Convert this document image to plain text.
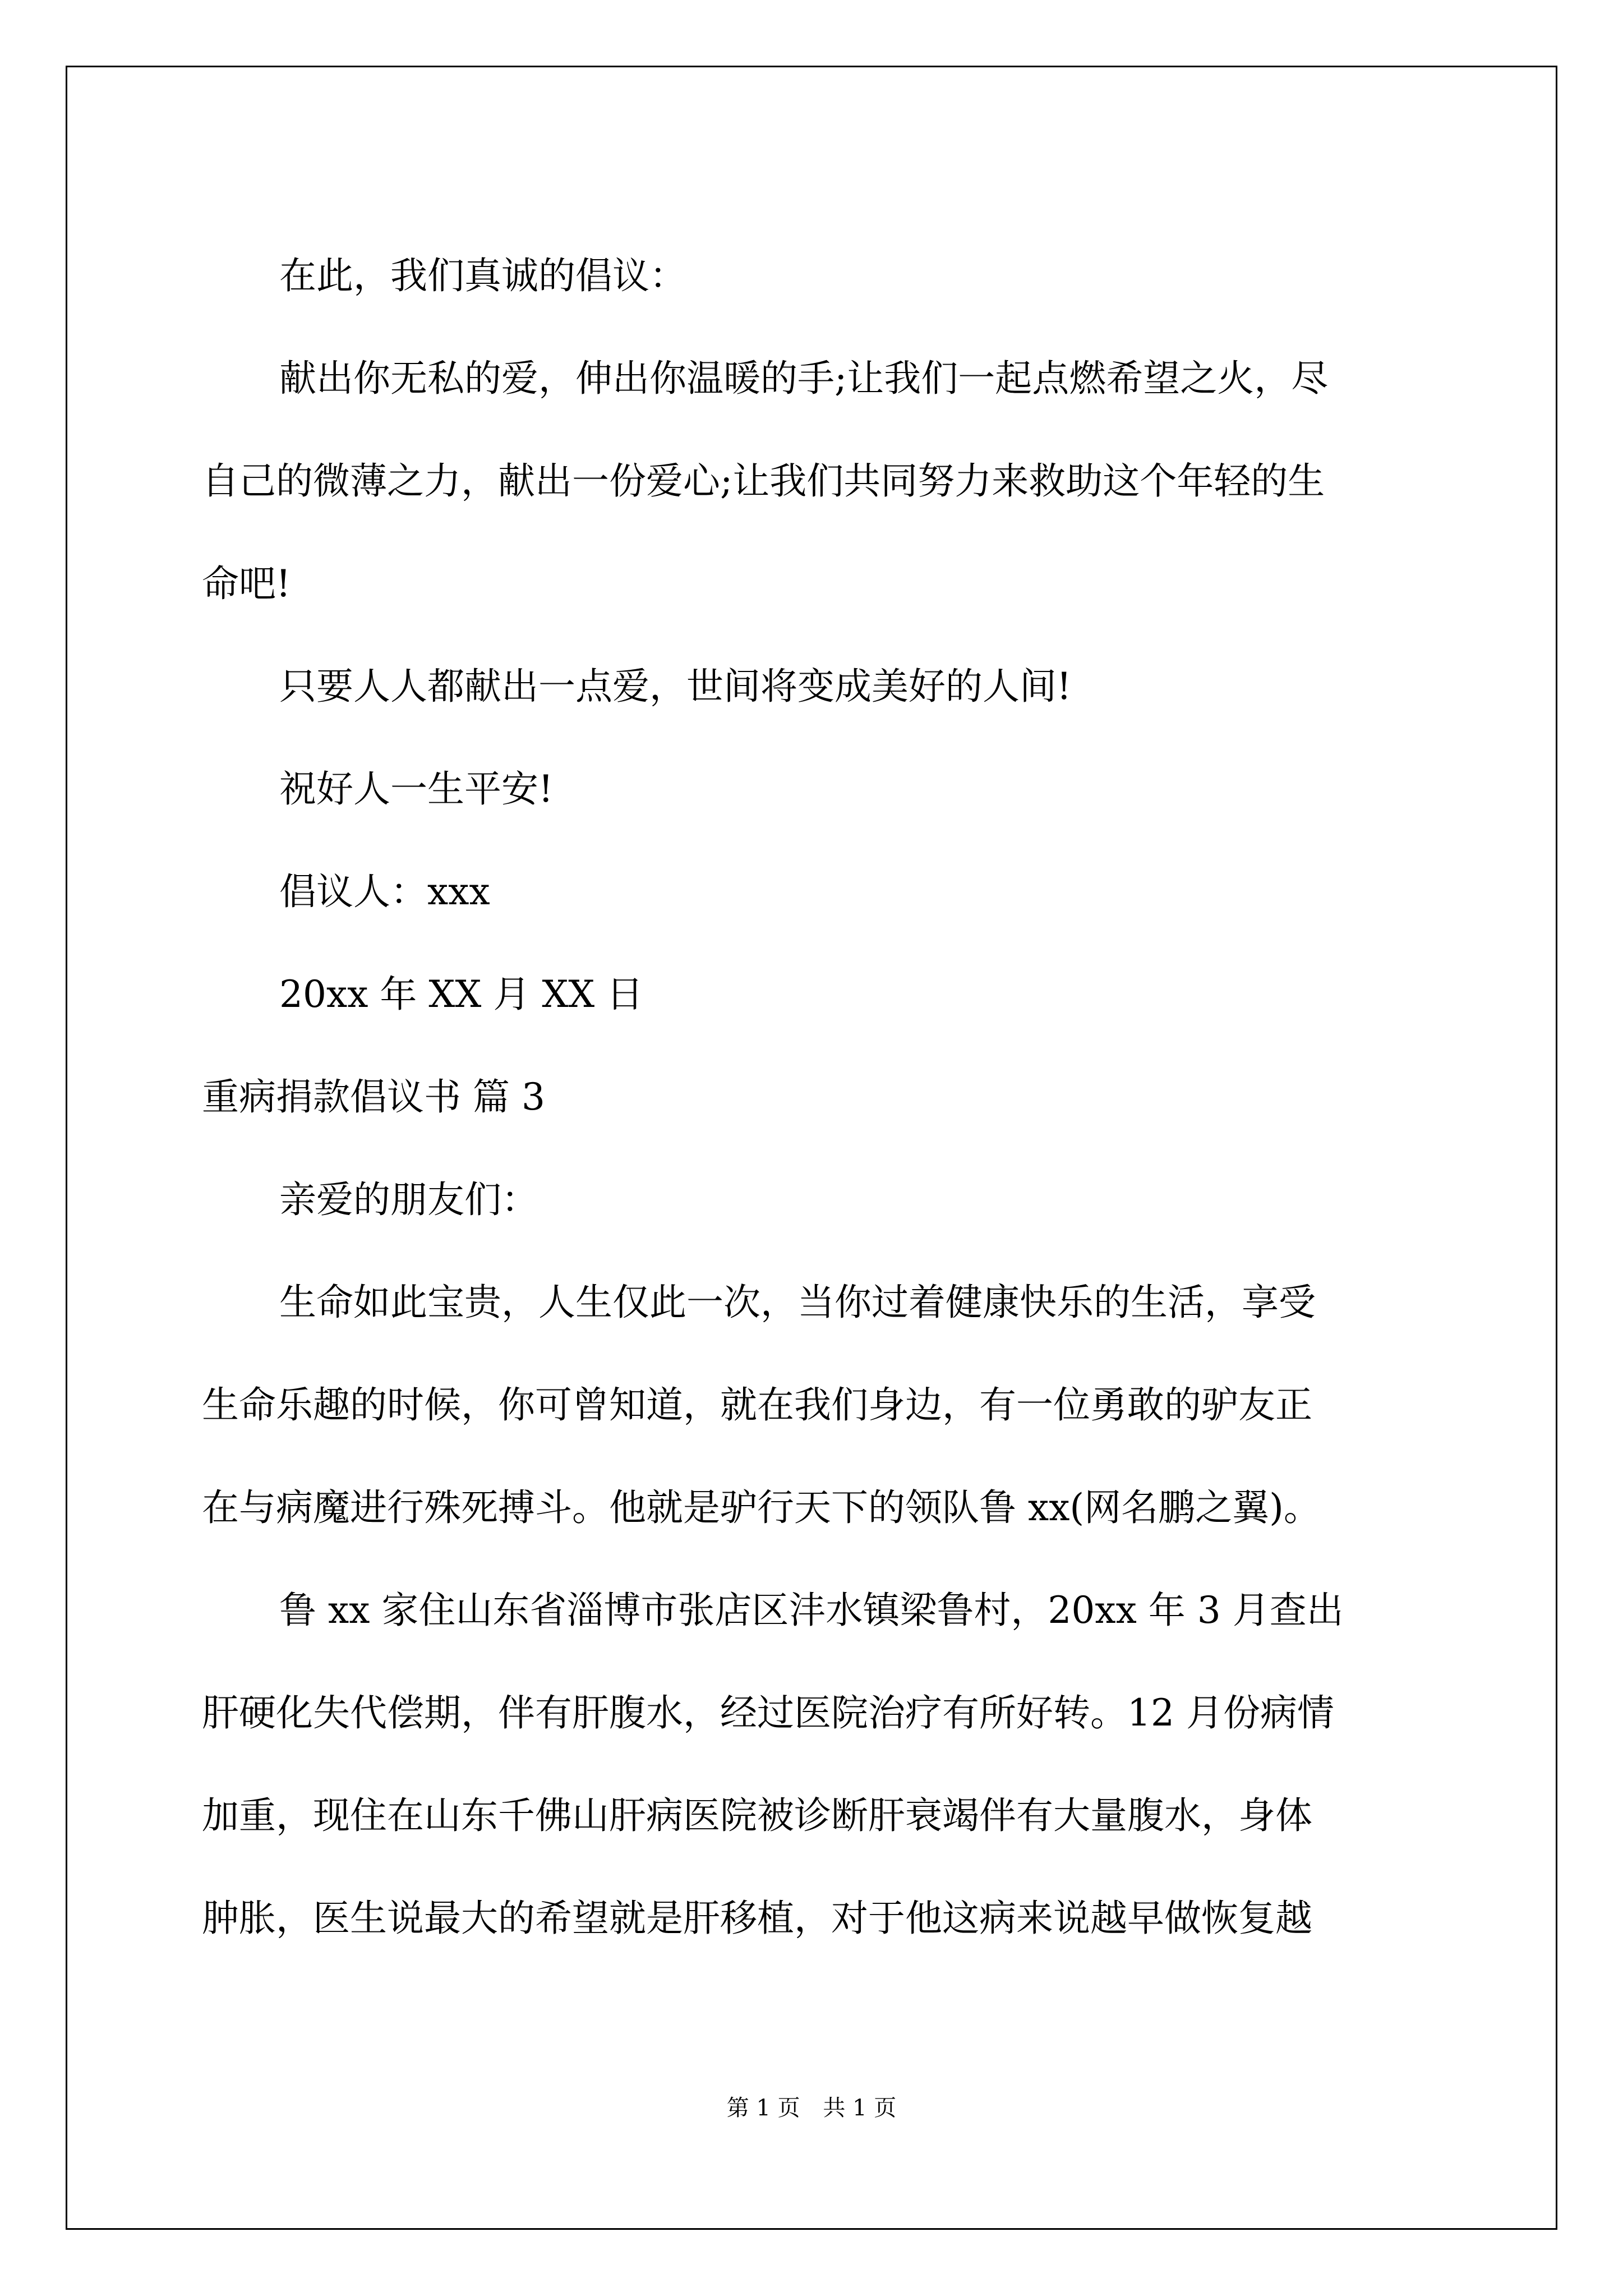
在此，我们真诚的倡议：

献出你无私的爱，伸出你温暖的手;让我们一起点燃希望之火，尽

自己的微薄之力，献出一份爱心;让我们共同努力来救助这个年轻的生

命吧!

只要人人都献出一点爱，世间将变成美好的人间!

祝好人一生平安!

倡议人：xxx

20xx 年 XX 月 XX 日

重病捐款倡议书 篇 3

亲爱的朋友们：

生命如此宝贵，人生仅此一次，当你过着健康快乐的生活，享受

生命乐趣的时候，你可曾知道，就在我们身边，有一位勇敢的驴友正

在与病魔进行殊死搏斗。他就是驴行天下的领队鲁 xx(网名鹏之翼)。

鲁 xx 家住山东省淄博市张店区沣水镇梁鲁村，20xx 年 3 月查出

肝硬化失代偿期，伴有肝腹水，经过医院治疗有所好转。12 月份病情

加重，现住在山东千佛山肝病医院被诊断肝衰竭伴有大量腹水，身体

肿胀，医生说最大的希望就是肝移植，对于他这病来说越早做恢复越

第 1 页 共 1 页
